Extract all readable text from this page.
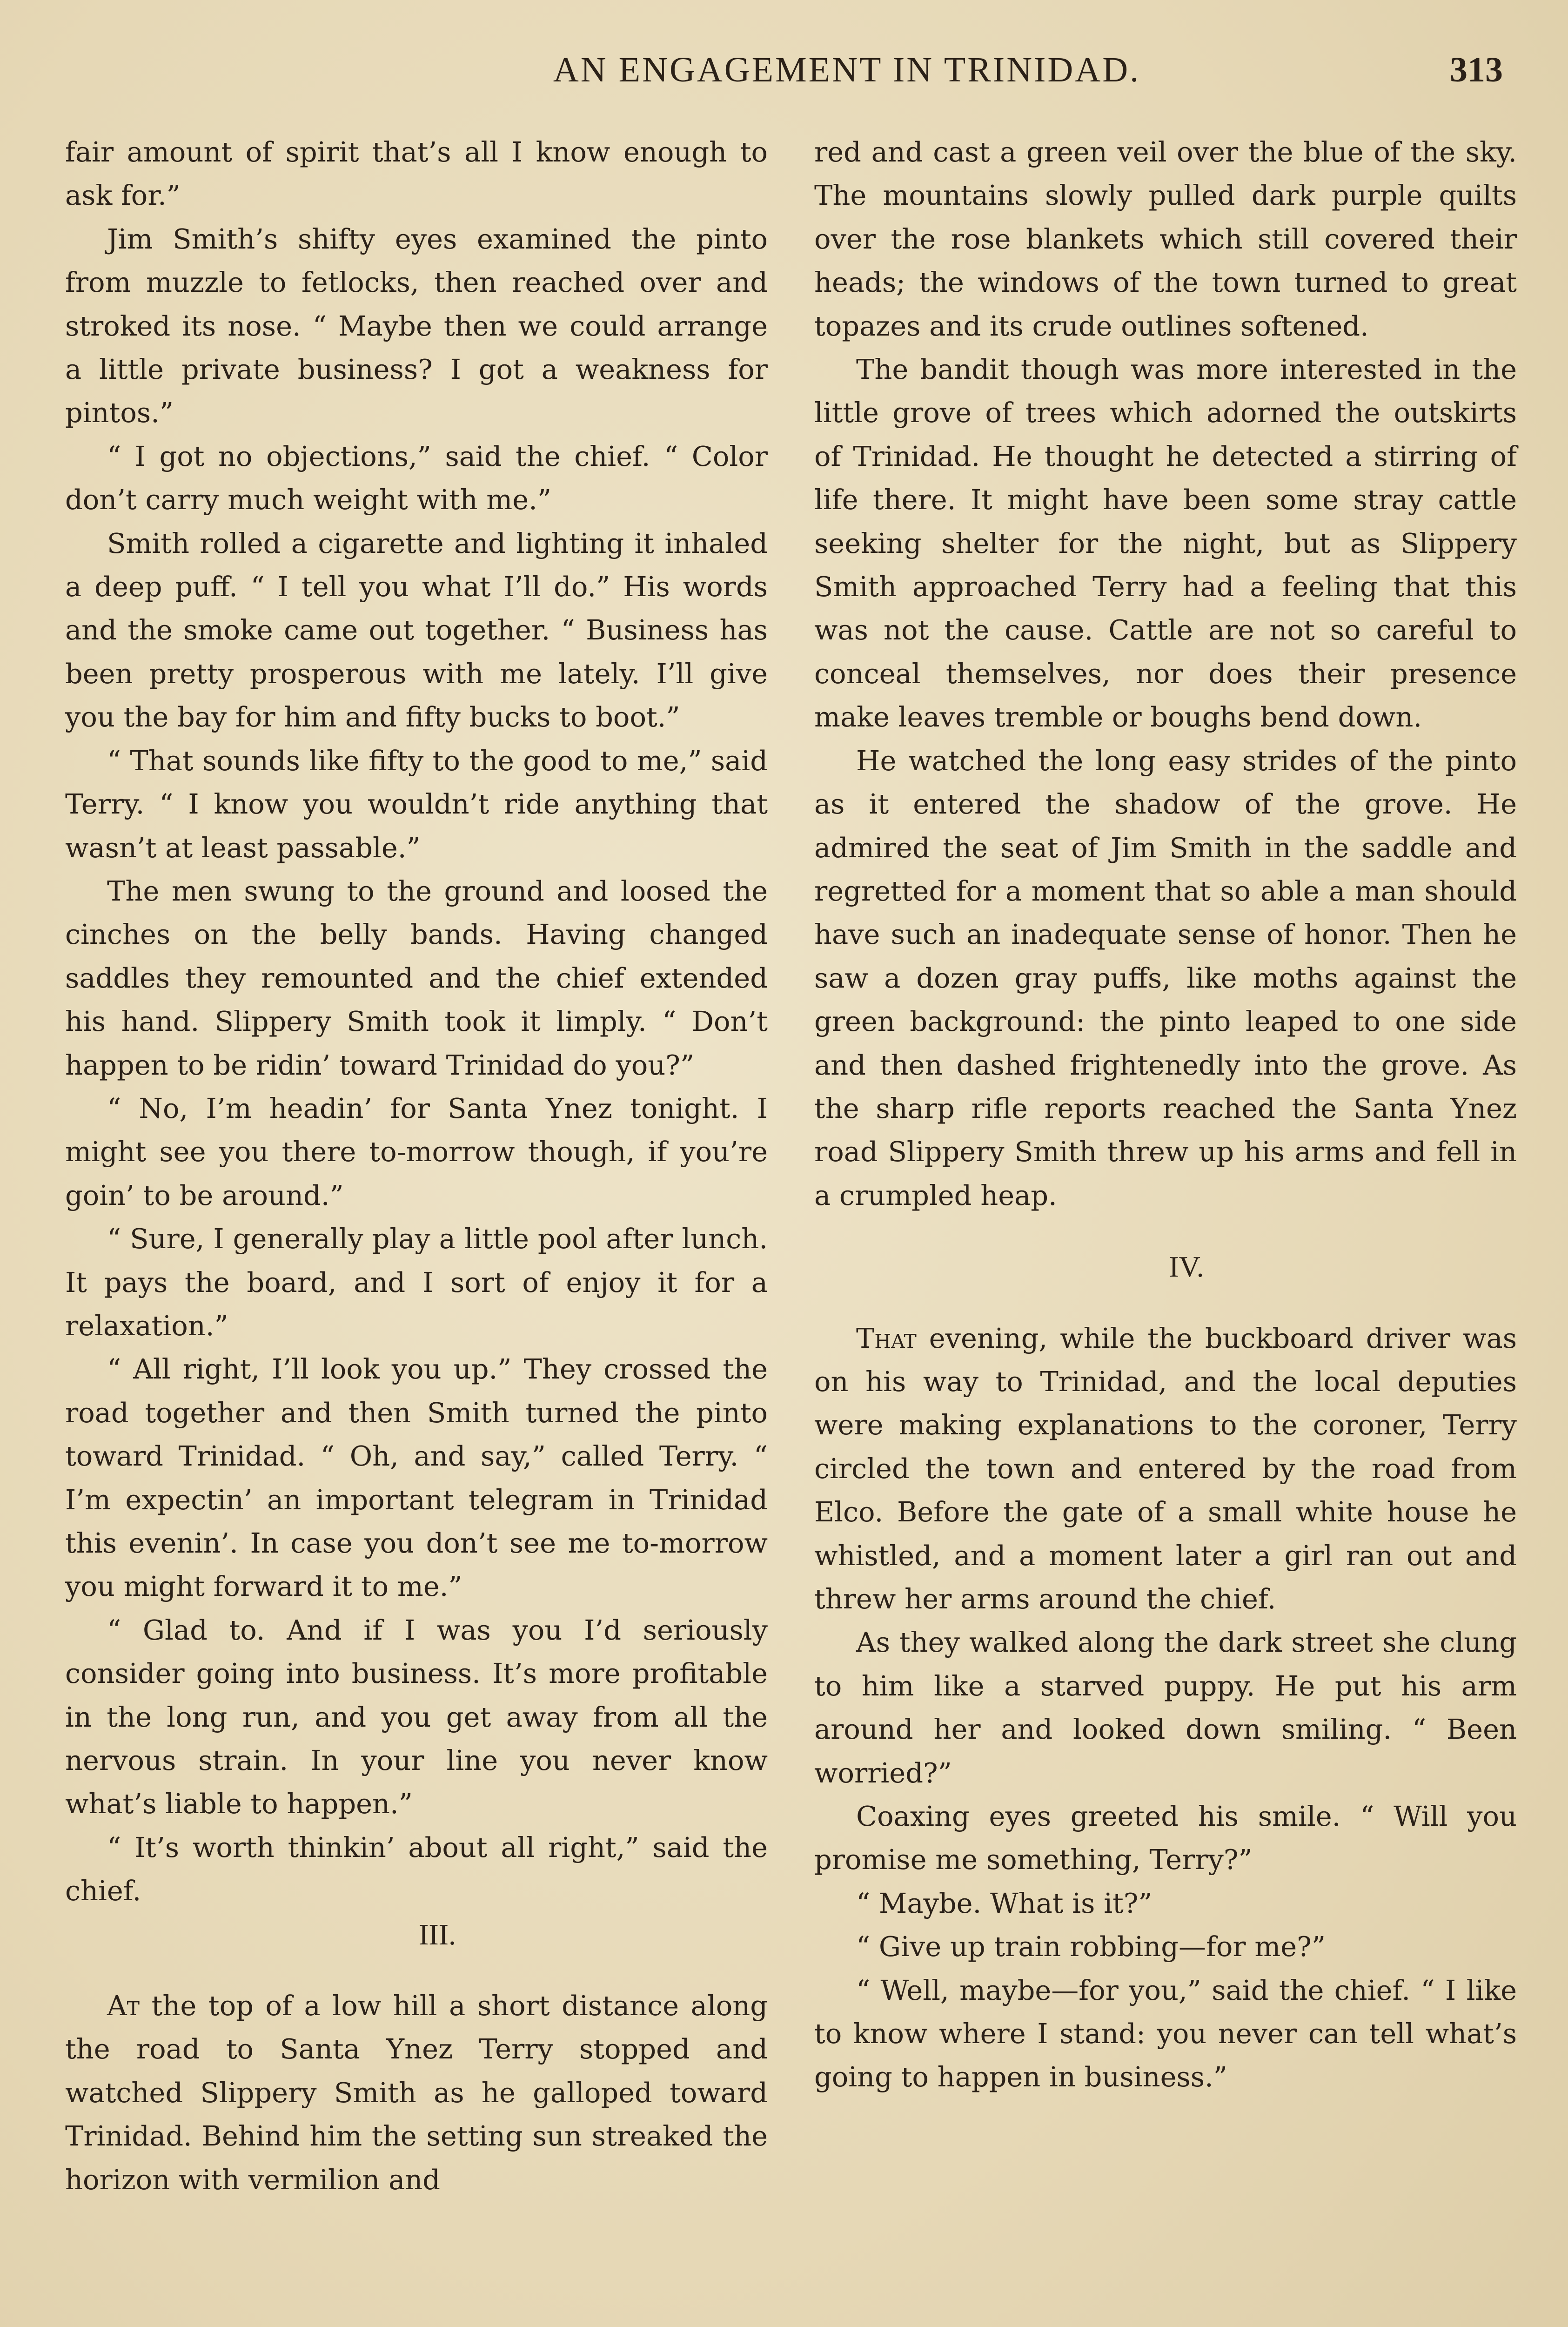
AN ENGAGEMENT IN TRINIDAD.	313

fair amount of spirit that’s all I know enough to ask for.”

Jim Smith’s shifty eyes examined the pinto from muzzle to fetlocks, then reached over and stroked its nose. “ Maybe then we could arrange a little private business? I got a weakness for pintos.”

“ I got no objections,” said the chief. “ Color don’t carry much weight with me.”

Smith rolled a cigarette and lighting it inhaled a deep puff. “ I tell you what I’ll do.” His words and the smoke came out together. “ Business has been pretty prosperous with me lately. I’ll give you the bay for him and fifty bucks to boot.”

“ That sounds like fifty to the good to me,” said Terry. “ I know you wouldn’t ride anything that wasn’t at least passable.”

The men swung to the ground and loosed the cinches on the belly bands. Having changed saddles they remounted and the chief extended his hand. Slippery Smith took it limply. “ Don’t happen to be ridin’ toward Trinidad do you?”

“ No, I’m headin’ for Santa Ynez tonight. I might see you there to-morrow though, if you’re goin’ to be around.”

“ Sure, I generally play a little pool after lunch. It pays the board, and I sort of enjoy it for a relaxation.”

“ All right, I’ll look you up.” They crossed the road together and then Smith turned the pinto toward Trinidad. “ Oh, and say,” called Terry. “ I’m expectin’ an important telegram in Trinidad this evenin’. In case you don’t see me to-morrow you might forward it to me.”

“ Glad to. And if I was you I’d seriously consider going into business. It’s more profitable in the long run, and you get away from all the nervous strain. In your line you never know what’s liable to happen.”

“ It’s worth thinkin’ about all right,” said the chief.

III.

At the top of a low hill a short distance along the road to Santa Ynez Terry stopped and watched Slippery Smith as he galloped toward Trinidad. Behind him the setting sun streaked the horizon with vermilion and

red and cast a green veil over the blue of the sky. The mountains slowly pulled dark purple quilts over the rose blankets which still covered their heads; the windows of the town turned to great topazes and its crude outlines softened.

The bandit though was more interested in the little grove of trees which adorned the outskirts of Trinidad. He thought he detected a stirring of life there. It might have been some stray cattle seeking shelter for the night, but as Slippery Smith approached Terry had a feeling that this was not the cause. Cattle are not so careful to conceal themselves, nor does their presence make leaves tremble or boughs bend down.

He watched the long easy strides of the pinto as it entered the shadow of the grove. He admired the seat of Jim Smith in the saddle and regretted for a moment that so able a man should have such an inadequate sense of honor. Then he saw a dozen gray puffs, like moths against the green background: the pinto leaped to one side and then dashed frightenedly into the grove. As the sharp rifle reports reached the Santa Ynez road Slippery Smith threw up his arms and fell in a crumpled heap.

IV.

That evening, while the buckboard driver was on his way to Trinidad, and the local deputies were making explanations to the coroner, Terry circled the town and entered by the road from Elco. Before the gate of a small white house he whistled, and a moment later a girl ran out and threw her arms around the chief.

As they walked along the dark street she clung to him like a starved puppy. He put his arm around her and looked down smiling. “ Been worried?”

Coaxing eyes greeted his smile. “ Will you promise me something, Terry?”

“ Maybe. What is it?”

“ Give up train robbing—for me?”

“ Well, maybe—for you,” said the chief. “ I like to know where I stand: you never can tell what’s going to happen in business.”
